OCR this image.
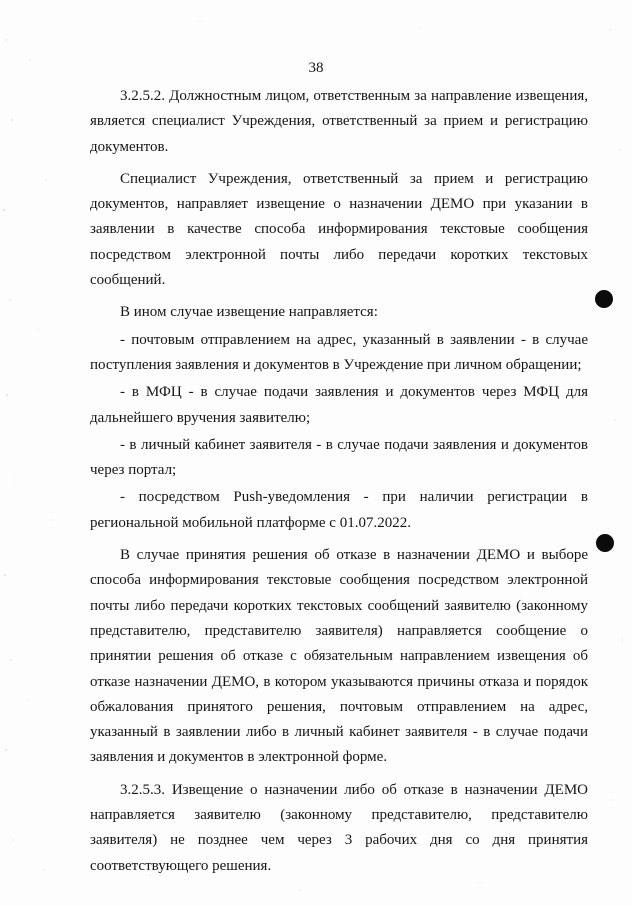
38

3.2.5.2. Должностным лицом, ответственным за направление извещения, является специалист Учреждения, ответственный за прием и регистрацию документов.

Специалист Учреждения, ответственный за прием и регистрацию документов, направляет извещение о назначении ДЕМО при указании в заявлении в качестве способа информирования текстовые сообщения посредством электронной почты либо передачи коротких текстовых сообщений.

В ином случае извещение направляется:

- почтовым отправлением на адрес, указанный в заявлении - в случае поступления заявления и документов в Учреждение при личном обращении;

- в МФЦ - в случае подачи заявления и документов через МФЦ для дальнейшего вручения заявителю;

- в личный кабинет заявителя - в случае подачи заявления и документов через портал;

- посредством Push-уведомления - при наличии регистрации в региональной мобильной платформе с 01.07.2022.

В случае принятия решения об отказе в назначении ДЕМО и выборе способа информирования текстовые сообщения посредством электронной почты либо передачи коротких текстовых сообщений заявителю (законному представителю, представителю заявителя) направляется сообщение о принятии решения об отказе с обязательным направлением извещения об отказе назначении ДЕМО, в котором указываются причины отказа и порядок обжалования принятого решения, почтовым отправлением на адрес, указанный в заявлении либо в личный кабинет заявителя - в случае подачи заявления и документов в электронной форме.

3.2.5.3. Извещение о назначении либо об отказе в назначении ДЕМО направляется заявителю (законному представителю, представителю заявителя) не позднее чем через 3 рабочих дня со дня принятия соответствующего решения.
